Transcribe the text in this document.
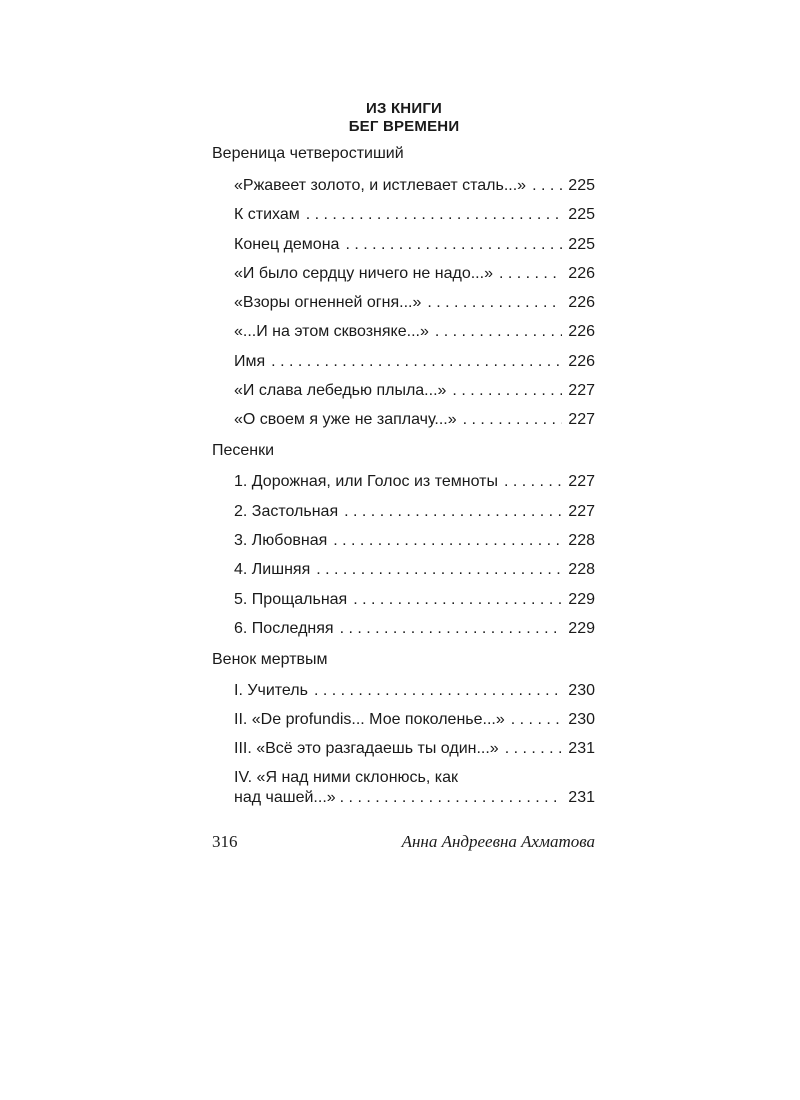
ИЗ КНИГИ
БЕГ ВРЕМЕНИ
Вереница четверостиший
«Ржавеет золото, и истлевает сталь...» . . .	225
К стихам . . .	225
Конец демона . . .	225
«И было сердцу ничего не надо...» . . .	226
«Взоры огненней огня...» . . .	226
«...И на этом сквозняке...» . . .	226
Имя . . .	226
«И слава лебедью плыла...» . . .	227
«О своем я уже не заплачу...» . . .	227
Песенки
1. Дорожная, или Голос из темноты . . .	227
2. Застольная . . .	227
3. Любовная . . .	228
4. Лишняя . . .	228
5. Прощальная . . .	229
6. Последняя . . .	229
Венок мертвым
I. Учитель . . .	230
II. «De profundis... Мое поколенье...» . . .	230
III. «Всё это разгадаешь ты один...» . . .	231
IV. «Я над ними склонюсь, как
над чашей...» . . .	231
316	Анна Андреевна Ахматова
